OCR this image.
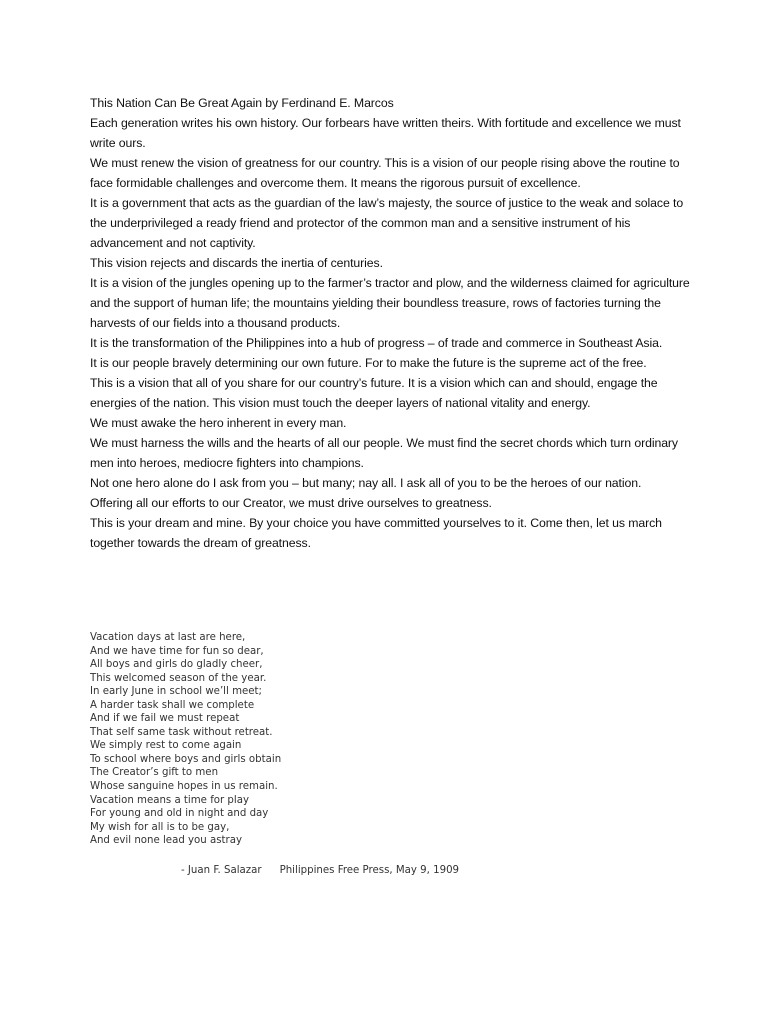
This Nation Can Be Great Again by Ferdinand E. Marcos

Each generation writes his own history. Our forbears have written theirs. With fortitude and excellence we must write ours.

We must renew the vision of greatness for our country. This is a vision of our people rising above the routine to face formidable challenges and overcome them. It means the rigorous pursuit of excellence.

It is a government that acts as the guardian of the law’s majesty, the source of justice to the weak and solace to the underprivileged a ready friend and protector of the common man and a sensitive instrument of his advancement and not captivity.

This vision rejects and discards the inertia of centuries.

It is a vision of the jungles opening up to the farmer’s tractor and plow, and the wilderness claimed for agriculture and the support of human life; the mountains yielding their boundless treasure, rows of factories turning the harvests of our fields into a thousand products.

It is the transformation of the Philippines into a hub of progress – of trade and commerce in Southeast Asia.

It is our people bravely determining our own future. For to make the future is the supreme act of the free.

This is a vision that all of you share for our country’s future. It is a vision which can and should, engage the energies of the nation. This vision must touch the deeper layers of national vitality and energy.

We must awake the hero inherent in every man.

We must harness the wills and the hearts of all our people. We must find the secret chords which turn ordinary men into heroes, mediocre fighters into champions.

Not one hero alone do I ask from you – but many; nay all. I ask all of you to be the heroes of our nation.

Offering all our efforts to our Creator, we must drive ourselves to greatness.

This is your dream and mine. By your choice you have committed yourselves to it. Come then, let us march together towards the dream of greatness.

Vacation days at last are here,
And we have time for fun so dear,
All boys and girls do gladly cheer,
This welcomed season of the year.
In early June in school we’ll meet;
A harder task shall we complete
And if we fail we must repeat
That self same task without retreat.
We simply rest to come again
To school where boys and girls obtain
The Creator’s gift to men
Whose sanguine hopes in us remain.
Vacation means a time for play
For young and old in night and day
My wish for all is to be gay,
And evil none lead you astray
- Juan F. Salazar Philippines Free Press, May 9, 1909
